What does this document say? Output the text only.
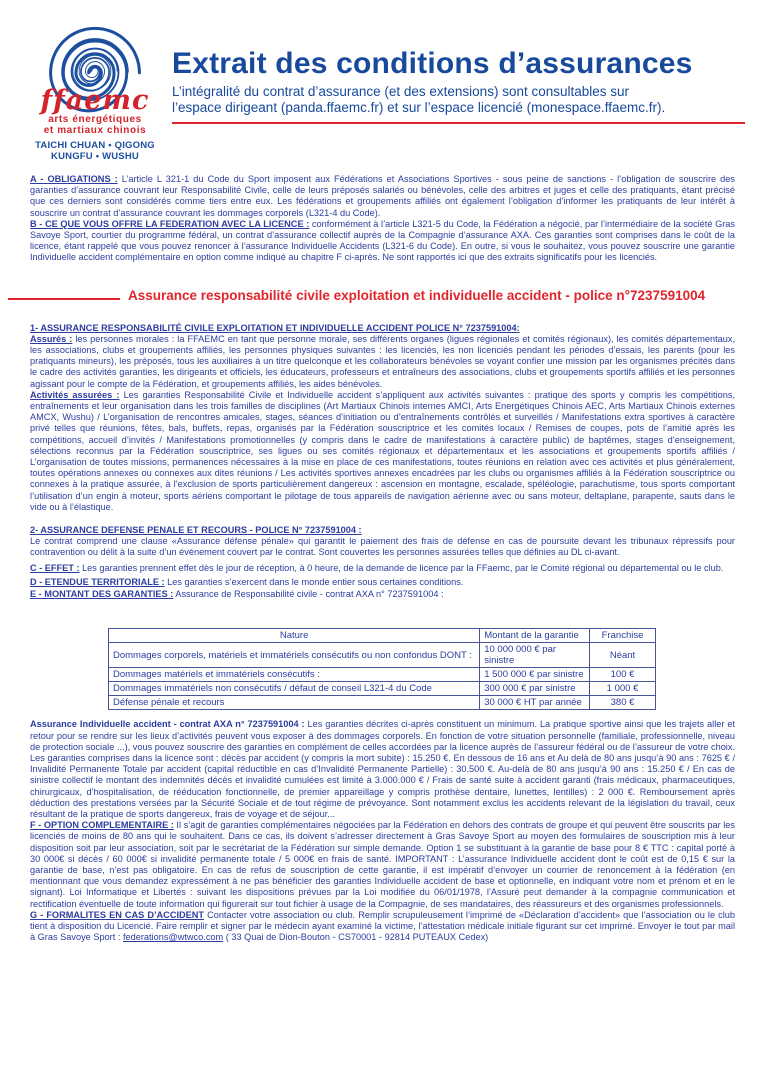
ffaemc
arts énergétiques
et martiaux chinois
TAICHI CHUAN • QIGONG
KUNGFU • WUSHU
Extrait des conditions d’assurances
L’intégralité du contrat d’assurance (et des extensions) sont consultables sur
l’espace dirigeant (panda.ffaemc.fr) et sur l’espace licencié (monespace.ffaemc.fr).

A - OBLIGATIONS : L’article L 321-1 du Code du Sport imposent aux Fédérations et Associations Sportives - sous peine de sanctions - l’obligation de souscrire des garanties d’assurance couvrant leur Responsabilité Civile, celle de leurs préposés salariés ou bénévoles, celle des arbitres et juges et celle des pratiquants, étant précisé que ces derniers sont considérés comme tiers entre eux. Les fédérations et groupements affiliés ont également l’obligation d’informer les pratiquants de leur intérêt à souscrire un contrat d’assurance couvrant les dommages corporels (L321-4 du Code).

B - CE QUE VOUS OFFRE LA FEDERATION AVEC LA LICENCE : conformément à l’article L321-5 du Code, la Fédération a négocié, par l’intermédiaire de la société Gras Savoye Sport, courtier du programme fédéral, un contrat d’assurance collectif auprès de la Compagnie d’assurance AXA. Ces garanties sont comprises dans le coût de la licence, étant rappelé que vous pouvez renoncer à l’assurance Individuelle Accidents (L321-6 du Code). En outre, si vous le souhaitez, vous pouvez souscrire une garantie Individuelle accident complémentaire en option comme indiqué au chapitre F ci-après. Ne sont rapportés ici que des extraits significatifs pour les licenciés.

Assurance responsabilité civile exploitation et individuelle accident - police n°7237591004

1- ASSURANCE RESPONSABILITÉ CIVILE EXPLOITATION ET INDIVIDUELLE ACCIDENT POLICE N° 7237591004:

Assurés : les personnes morales : la FFAEMC en tant que personne morale, ses différents organes (ligues régionales et comités régionaux), les comités départementaux, les associations, clubs et groupements affiliés, les personnes physiques suivantes : les licenciés, les non licenciés pendant les périodes d’essais, les parents (pour les pratiquants mineurs), les préposés, tous les auxiliaires à un titre quelconque et les collaborateurs bénévoles se voyant confier une mission par les organismes précités dans le cadre des activités garanties, les dirigeants et officiels, les éducateurs, professeurs et entraîneurs des associations, clubs et groupements sportifs affiliés et les personnes agissant pour le compte de la Fédération, et groupements affiliés, les aides bénévoles.

Activités assurées : Les garanties Responsabilité Civile et Individuelle accident s’appliquent aux activités suivantes : pratique des sports y compris les compétitions, entraînements et leur organisation dans les trois familles de disciplines (Art Martiaux Chinois internes AMCI, Arts Energétiques Chinois AEC, Arts Martiaux Chinois externes AMCX, Wushu) / L’organisation de rencontres amicales, stages, séances d’initiation ou d’entraînements contrôlés et surveillés / Manifestations extra sportives à caractère privé telles que réunions, fêtes, bals, buffets, repas, organisés par la Fédération souscriptrice et les comités locaux / Remises de coupes, pots de l’amitié après les compétitions, accueil d’invités / Manifestations promotionnelles (y compris dans le cadre de manifestations à caractère public) de baptêmes, stages d’enseignement, sélections reconnus par la Fédération souscriptrice, ses ligues ou ses comités régionaux et départementaux et les associations et groupements sportifs affiliés / L’organisation de toutes missions, permanences nécessaires à la mise en place de ces manifestations, toutes réunions en relation avec ces activités et plus généralement, toutes opérations annexes ou connexes aux dites réunions / Les activités sportives annexes encadrées par les clubs ou organismes affiliés à la Fédération souscriptrice ou connexes à la pratique assurée, à l’exclusion de sports particulièrement dangereux : ascension en montagne, escalade, spéléologie, parachutisme, tous sports comportant l’utilisation d’un engin à moteur, sports aériens comportant le pilotage de tous appareils de navigation aérienne avec ou sans moteur, deltaplane, parapente, sauts dans le vide ou à l’élastique.

2- ASSURANCE DEFENSE PENALE ET RECOURS - POLICE N° 7237591004 :

Le contrat comprend une clause «Assurance défense pénale» qui garantit le paiement des frais de défense en cas de poursuite devant les tribunaux répressifs pour contravention ou délit à la suite d’un événement couvert par le contrat. Sont couvertes les personnes assurées telles que définies au DL ci-avant.

C - EFFET : Les garanties prennent effet dès le jour de réception, à 0 heure, de la demande de licence par la FFaemc, par le Comité régional ou départemental ou le club.

D - ETENDUE TERRITORIALE : Les garanties s’exercent dans le monde entier sous certaines conditions.

E - MONTANT DES GARANTIES : Assurance de Responsabilité civile - contrat AXA n° 7237591004 :

Nature	Montant de la garantie	Franchise
Dommages corporels, matériels et immatériels consécutifs ou non confondus DONT :	10 000 000 € par sinistre	Néant
Dommages matériels et immatériels consécutifs :	1 500 000 € par sinistre	100 €
Dommages immatériels non consécutifs / défaut de conseil L321-4 du Code	300 000 € par sinistre	1 000 €
Défense pénale et recours	30 000 € HT par année	380 €

Assurance Individuelle accident - contrat AXA n° 7237591004 : Les garanties décrites ci-après constituent un minimum. La pratique sportive ainsi que les trajets aller et retour pour se rendre sur les lieux d’activités peuvent vous exposer à des dommages corporels. En fonction de votre situation personnelle (familiale, professionnelle, niveau de protection sociale ...), vous pouvez souscrire des garanties en complément de celles accordées par la licence auprès de l’assureur fédéral ou de l’assureur de votre choix. Les garanties comprises dans la licence sont : décès par accident (y compris la mort subite) : 15.250 €. En dessous de 16 ans et Au delà de 80 ans jusqu’à 90 ans : 7625 € / Invalidité Permanente Totale par accident (capital réductible en cas d’Invalidité Permanente Partielle) : 30.500 €. Au-delà de 80 ans jusqu’à 90 ans : 15.250 € / En cas de sinistre collectif le montant des indemnités décès et invalidité cumulées est limité à 3.000.000 € / Frais de santé suite à accident garanti (frais médicaux, pharmaceutiques, chirurgicaux, d’hospitalisation, de rééducation fonctionnelle, de premier appareillage y compris prothèse dentaire, lunettes, lentilles) : 2 000 €. Remboursement après déduction des prestations versées par la Sécurité Sociale et de tout régime de prévoyance. Sont notamment exclus les accidents relevant de la législation du travail, ceux résultant de la pratique de sports dangereux, frais de voyage et de séjour...

F - OPTION COMPLEMENTAIRE : Il s’agit de garanties complémentaires négociées par la Fédération en dehors des contrats de groupe et qui peuvent être souscrits par les licenciés de moins de 80 ans qui le souhaitent. Dans ce cas, ils doivent s’adresser directement à Gras Savoye Sport au moyen des formulaires de souscription mis à leur disposition soit par leur association, soit par le secrétariat de la Fédération sur simple demande. Option 1 se substituant à la garantie de base pour 8 € TTC : capital porté à 30 000€ si décès / 60 000€ si invalidité permanente totale / 5 000€ en frais de santé. IMPORTANT : L’assurance Individuelle accident dont le coût est de 0,15 € sur la garantie de base, n’est pas obligatoire. En cas de refus de souscription de cette garantie, il est impératif d’envoyer un courrier de renoncement à la fédération (en mentionnant que vous demandez expressément à ne pas bénéficier des garanties Individuelle accident de base et optionnelle, en indiquant votre nom et prénom et en le signant). Loi Informatique et Libertés : suivant les dispositions prévues par la Loi modifiée du 06/01/1978, l’Assuré peut demander à la compagnie communication et rectification éventuelle de toute information qui figurerait sur tout fichier à usage de la Compagnie, de ses mandataires, des réassureurs et des organismes professionnels.

G - FORMALITES EN CAS D’ACCIDENT Contacter votre association ou club. Remplir scrupuleusement l’imprimé de «Déclaration d’accident» que l’association ou le club tient à disposition du Licencié. Faire remplir et signer par le médecin ayant examiné la victime, l’attestation médicale initiale figurant sur cet imprimé. Envoyer le tout par mail à Gras Savoye Sport : federations@wtwco.com ( 33 Quai de Dion-Bouton - CS70001 - 92814 PUTEAUX Cedex)
